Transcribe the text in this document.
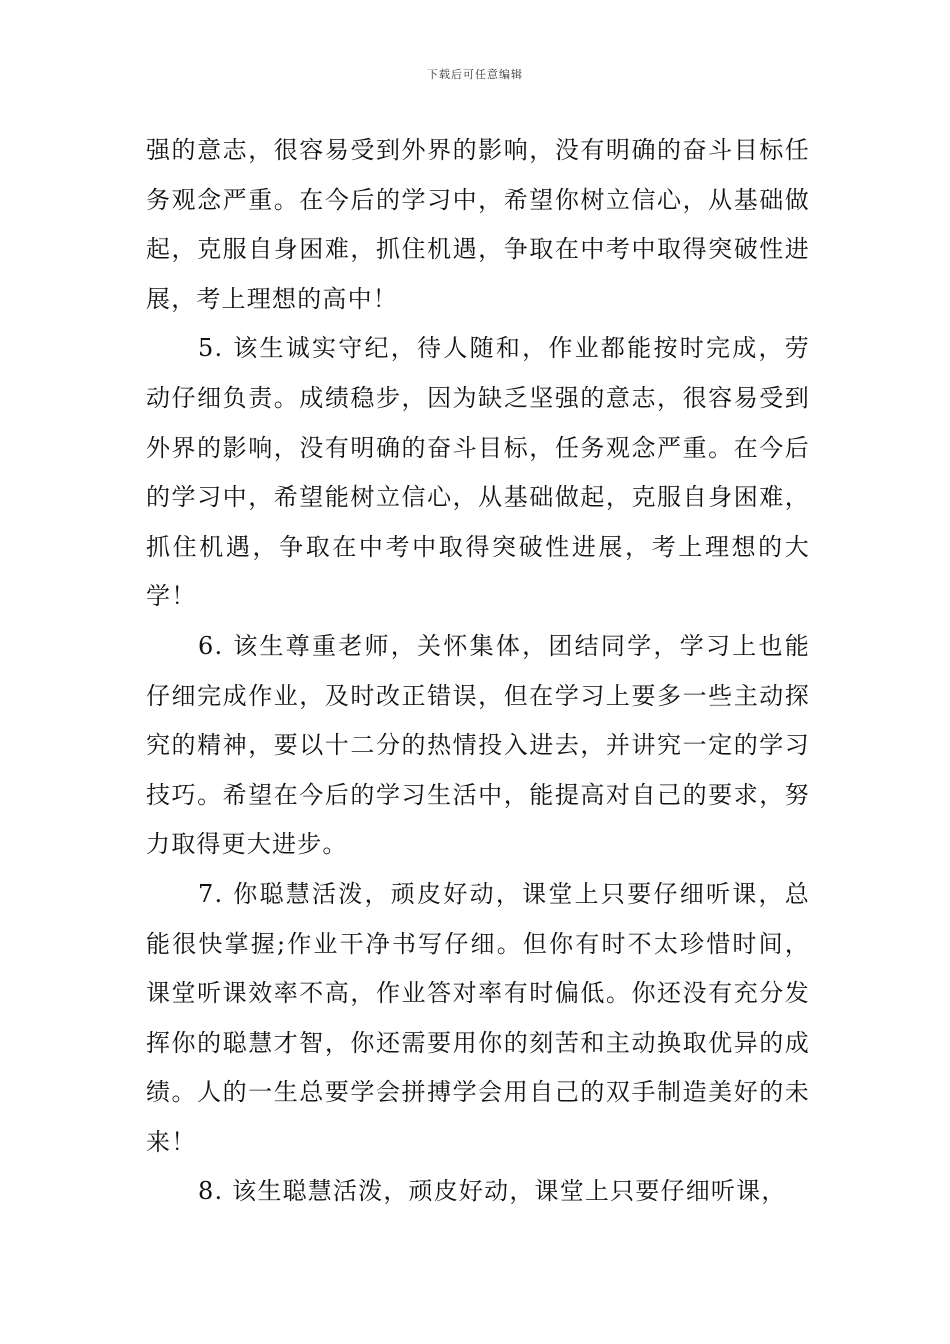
下载后可任意编辑

强的意志，很容易受到外界的影响，没有明确的奋斗目标任务观念严重。在今后的学习中，希望你树立信心，从基础做起，克服自身困难，抓住机遇，争取在中考中取得突破性进展，考上理想的高中！

5. 该生诚实守纪，待人随和，作业都能按时完成，劳动仔细负责。成绩稳步，因为缺乏坚强的意志，很容易受到外界的影响，没有明确的奋斗目标，任务观念严重。在今后的学习中，希望能树立信心，从基础做起，克服自身困难，抓住机遇，争取在中考中取得突破性进展，考上理想的大学！

6. 该生尊重老师，关怀集体，团结同学，学习上也能仔细完成作业，及时改正错误，但在学习上要多一些主动探究的精神，要以十二分的热情投入进去，并讲究一定的学习技巧。希望在今后的学习生活中，能提高对自己的要求，努力取得更大进步。

7. 你聪慧活泼，顽皮好动，课堂上只要仔细听课，总能很快掌握;作业干净书写仔细。但你有时不太珍惜时间，课堂听课效率不高，作业答对率有时偏低。你还没有充分发挥你的聪慧才智，你还需要用你的刻苦和主动换取优异的成绩。人的一生总要学会拼搏学会用自己的双手制造美好的未来！

8. 该生聪慧活泼，顽皮好动，课堂上只要仔细听课，
